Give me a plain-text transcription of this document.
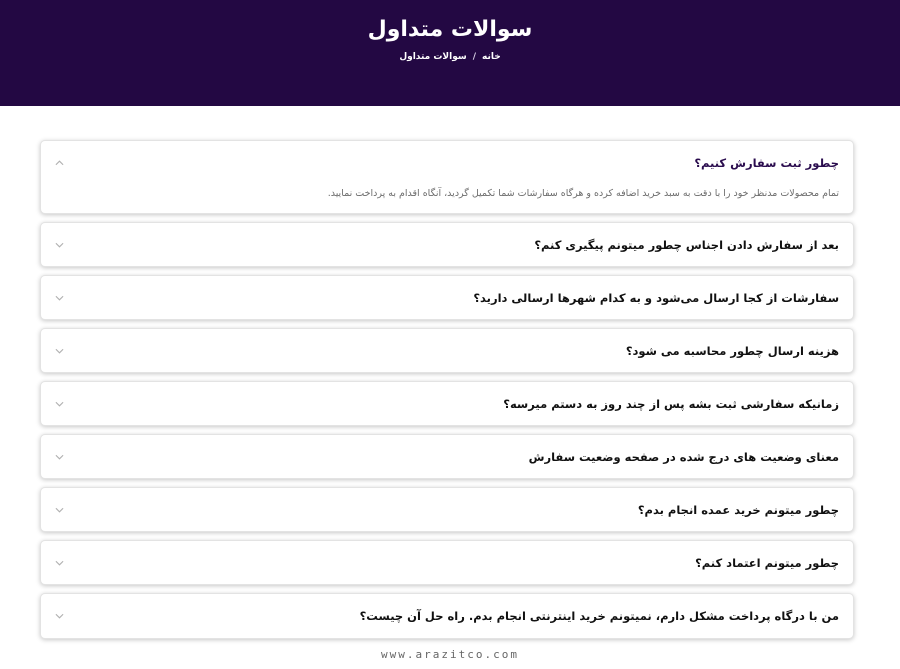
سوالات متداول
خانه
/
سوالات متداول
چطور ثبت سفارش کنیم؟
تمام محصولات مدنظر خود را با دقت به سبد خرید اضافه کرده و هرگاه سفارشات شما تکمیل گردید، آنگاه اقدام به پرداخت نمایید.
بعد از سفارش دادن اجناس چطور میتونم پیگیری کنم؟
سفارشات از کجا ارسال می‌شود و به کدام شهرها ارسالی دارید؟
هزینه ارسال چطور محاسبه می شود؟
زمانیکه سفارشی ثبت بشه پس از چند روز به دستم میرسه؟
معنای وضعیت های درج شده در صفحه وضعیت سفارش
چطور میتونم خرید عمده انجام بدم؟
چطور میتونم اعتماد کنم؟
من با درگاه پرداخت مشکل دارم، نمیتونم خرید اینترنتی انجام بدم. راه حل آن چیست؟
www.arazitco.com
